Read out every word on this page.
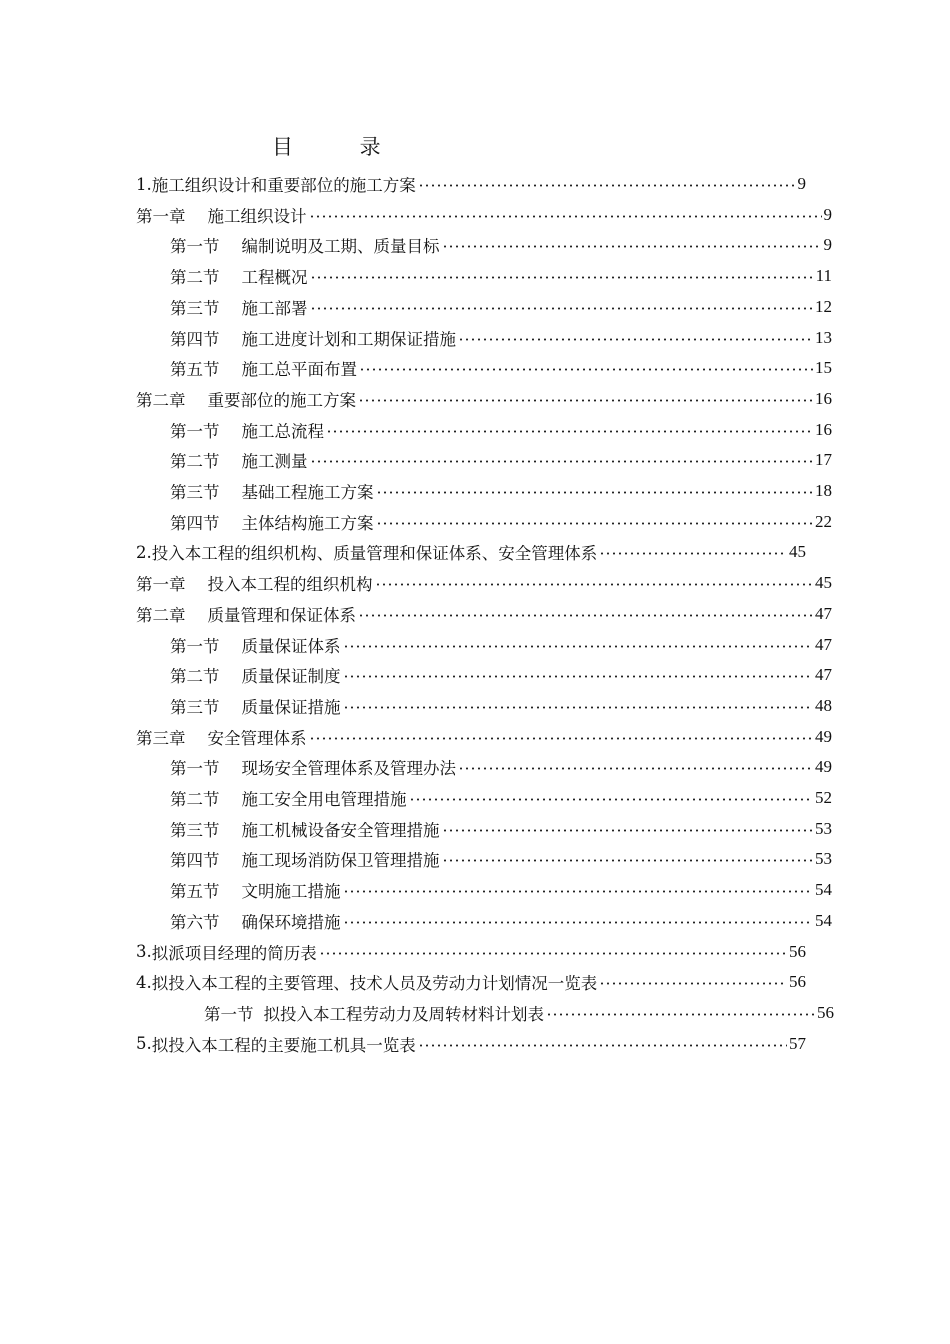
目 录
1. 施工组织设计和重要部位的施工方案	9
第一章 施工组织设计	9
第一节 编制说明及工期、质量目标	9
第二节 工程概况	11
第三节 施工部署	12
第四节 施工进度计划和工期保证措施	13
第五节 施工总平面布置	15
第二章 重要部位的施工方案	16
第一节 施工总流程	16
第二节 施工测量	17
第三节 基础工程施工方案	18
第四节 主体结构施工方案	22
2. 投入本工程的组织机构、质量管理和保证体系、安全管理体系	45
第一章 投入本工程的组织机构	45
第二章 质量管理和保证体系	47
第一节 质量保证体系	47
第二节 质量保证制度	47
第三节 质量保证措施	48
第三章 安全管理体系	49
第一节 现场安全管理体系及管理办法	49
第二节 施工安全用电管理措施	52
第三节 施工机械设备安全管理措施	53
第四节 施工现场消防保卫管理措施	53
第五节 文明施工措施	54
第六节 确保环境措施	54
3. 拟派项目经理的简历表	56
4. 拟投入本工程的主要管理、技术人员及劳动力计划情况一览表	56
第一节 拟投入本工程劳动力及周转材料计划表	56
5. 拟投入本工程的主要施工机具一览表	57
